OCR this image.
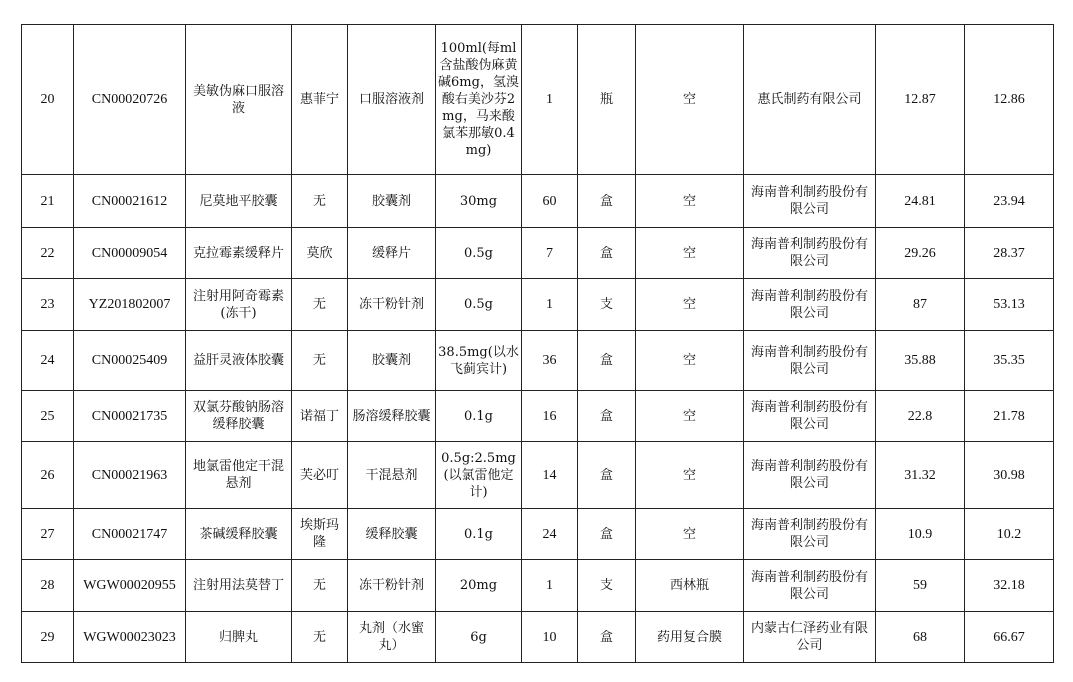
20	CN00020726	美敏伪麻口服溶液	惠菲宁	口服溶液剂	100ml(每ml含盐酸伪麻黄碱6mg，氢溴酸右美沙芬2mg，马来酸氯苯那敏0.4mg)	1	瓶	空	惠氏制药有限公司	12.87	12.86
21	CN00021612	尼莫地平胶囊	无	胶囊剂	30mg	60	盒	空	海南普利制药股份有限公司	24.81	23.94
22	CN00009054	克拉霉素缓释片	莫欣	缓释片	0.5g	7	盒	空	海南普利制药股份有限公司	29.26	28.37
23	YZ201802007	注射用阿奇霉素(冻干)	无	冻干粉针剂	0.5g	1	支	空	海南普利制药股份有限公司	87	53.13
24	CN00025409	益肝灵液体胶囊	无	胶囊剂	38.5mg(以水飞蓟宾计)	36	盒	空	海南普利制药股份有限公司	35.88	35.35
25	CN00021735	双氯芬酸钠肠溶缓释胶囊	诺福丁	肠溶缓释胶囊	0.1g	16	盒	空	海南普利制药股份有限公司	22.8	21.78
26	CN00021963	地氯雷他定干混悬剂	芙必叮	干混悬剂	0.5g:2.5mg(以氯雷他定计)	14	盒	空	海南普利制药股份有限公司	31.32	30.98
27	CN00021747	茶碱缓释胶囊	埃斯玛隆	缓释胶囊	0.1g	24	盒	空	海南普利制药股份有限公司	10.9	10.2
28	WGW00020955	注射用法莫替丁	无	冻干粉针剂	20mg	1	支	西林瓶	海南普利制药股份有限公司	59	32.18
29	WGW00023023	归脾丸	无	丸剂（水蜜丸）	6g	10	盒	药用复合膜	内蒙古仁泽药业有限公司	68	66.67
